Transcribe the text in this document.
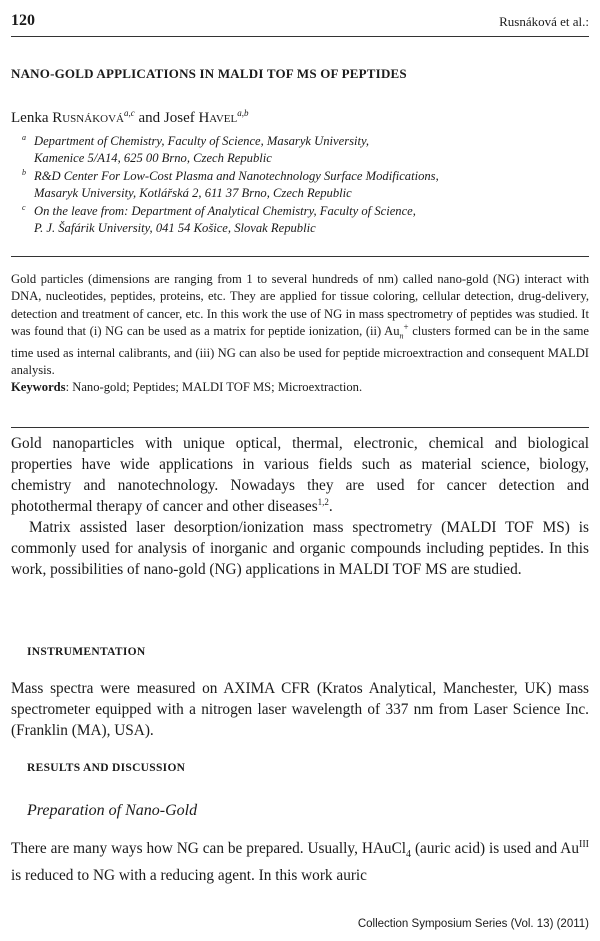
120	Rusnáková et al.:
NANO-GOLD APPLICATIONS IN MALDI TOF MS OF PEPTIDES
Lenka Rusnáková$^{a,c}$ and Josef Havel$^{a,b}$
a Department of Chemistry, Faculty of Science, Masaryk University,
Kamenice 5/A14, 625 00 Brno, Czech Republic
b R&D Center For Low-Cost Plasma and Nanotechnology Surface Modifications,
Masaryk University, Kotlářská 2, 611 37 Brno, Czech Republic
c On the leave from: Department of Analytical Chemistry, Faculty of Science,
P. J. Šafárik University, 041 54 Košice, Slovak Republic

Gold particles (dimensions are ranging from 1 to several hundreds of nm) called nano-gold (NG) interact with DNA, nucleotides, peptides, proteins, etc. They are applied for tissue coloring, cellular detection, drug-delivery, detection and treatment of cancer, etc. In this work the use of NG in mass spectrometry of peptides was studied. It was found that (i) NG can be used as a matrix for peptide ionization, (ii) $Au_n^+$ clusters formed can be in the same time used as internal calibrants, and (iii) NG can also be used for peptide microextraction and consequent MALDI analysis.

Keywords: Nano-gold; Peptides; MALDI TOF MS; Microextraction.

Gold nanoparticles with unique optical, thermal, electronic, chemical and biological properties have wide applications in various fields such as material science, biology, chemistry and nanotechnology. Nowadays they are used for cancer detection and photothermal therapy of cancer and other diseases$^{1,2}$.

Matrix assisted laser desorption/ionization mass spectrometry (MALDI TOF MS) is commonly used for analysis of inorganic and organic compounds including peptides. In this work, possibilities of nano-gold (NG) applications in MALDI TOF MS are studied.

INSTRUMENTATION

Mass spectra were measured on AXIMA CFR (Kratos Analytical, Manchester, UK) mass spectrometer equipped with a nitrogen laser wavelength of 337 nm from Laser Science Inc. (Franklin (MA), USA).

RESULTS AND DISCUSSION
Preparation of Nano-Gold

There are many ways how NG can be prepared. Usually, HAuCl$_4$ (auric acid) is used and $Au^{III}$ is reduced to NG with a reducing agent. In this work auric

Collection Symposium Series (Vol. 13) (2011)
